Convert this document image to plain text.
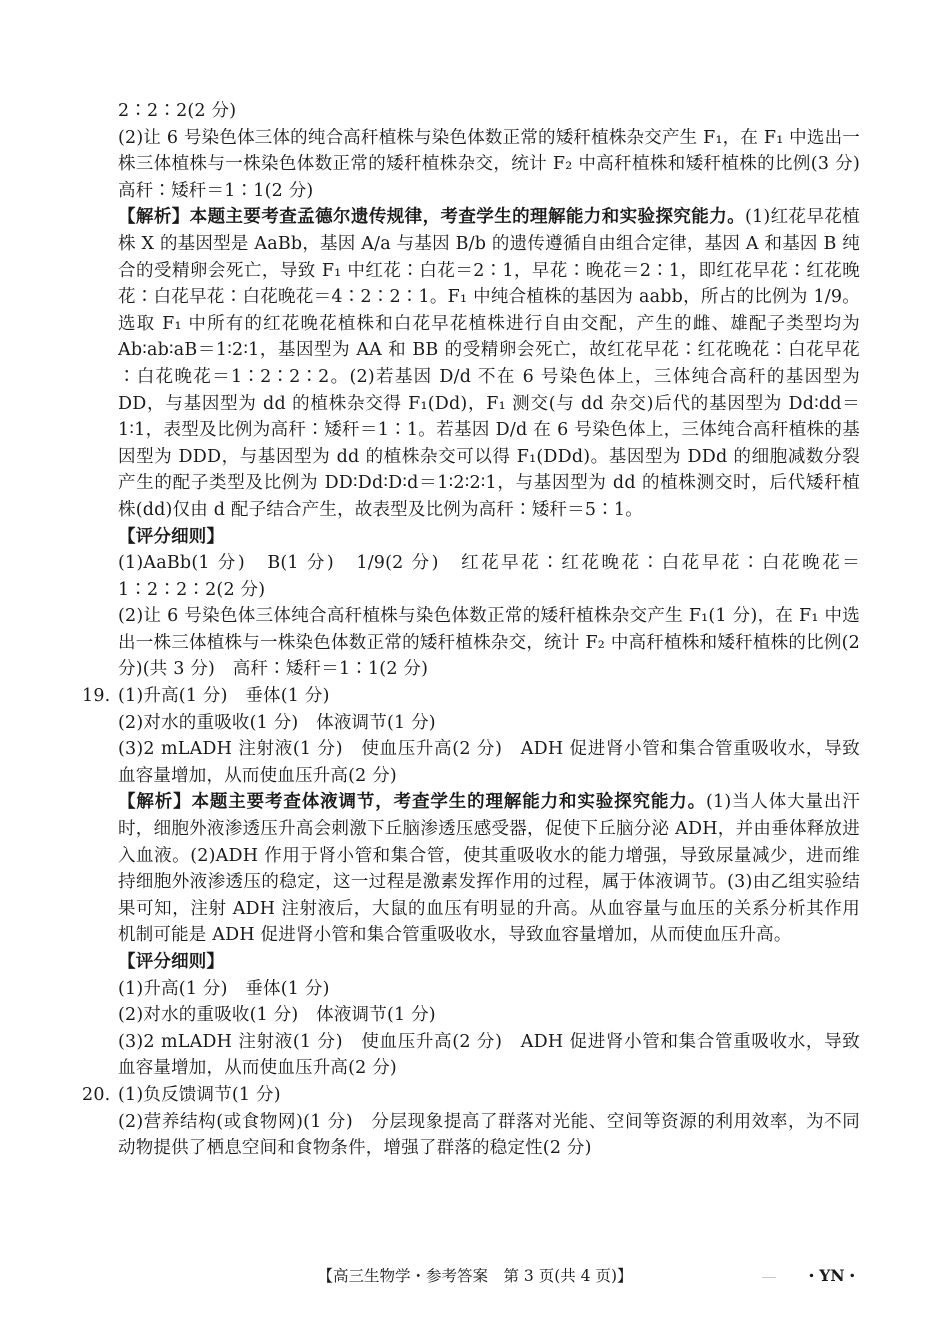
2∶2∶2(2 分)

(2)让 6 号染色体三体的纯合高秆植株与染色体数正常的矮秆植株杂交产生 F₁，在 F₁ 中选出一株三体植株与一株染色体数正常的矮秆植株杂交，统计 F₂ 中高秆植株和矮秆植株的比例(3 分)　高秆∶矮秆＝1∶1(2 分)

【解析】本题主要考查孟德尔遗传规律，考查学生的理解能力和实验探究能力。(1)红花早花植株 X 的基因型是 AaBb，基因 A/a 与基因 B/b 的遗传遵循自由组合定律，基因 A 和基因 B 纯合的受精卵会死亡，导致 F₁ 中红花∶白花＝2∶1，早花∶晚花＝2∶1，即红花早花∶红花晚花∶白花早花∶白花晚花＝4∶2∶2∶1。F₁ 中纯合植株的基因为 aabb，所占的比例为 1/9。选取 F₁ 中所有的红花晚花植株和白花早花植株进行自由交配，产生的雌、雄配子类型均为 Ab∶ab∶aB＝1∶2∶1，基因型为 AA 和 BB 的受精卵会死亡，故红花早花∶红花晚花∶白花早花∶白花晚花＝1∶2∶2∶2。(2)若基因 D/d 不在 6 号染色体上，三体纯合高秆的基因型为 DD，与基因型为 dd 的植株杂交得 F₁(Dd)，F₁ 测交(与 dd 杂交)后代的基因型为 Dd∶dd＝1∶1，表型及比例为高秆∶矮秆＝1∶1。若基因 D/d 在 6 号染色体上，三体纯合高秆植株的基因型为 DDD，与基因型为 dd 的植株杂交可以得 F₁(DDd)。基因型为 DDd 的细胞减数分裂产生的配子类型及比例为 DD∶Dd∶D∶d＝1∶2∶2∶1，与基因型为 dd 的植株测交时，后代矮秆植株(dd)仅由 d 配子结合产生，故表型及比例为高秆∶矮秆＝5∶1。

【评分细则】

(1)AaBb(1 分)　B(1 分)　1/9(2 分)　红花早花∶红花晚花∶白花早花∶白花晚花＝1∶2∶2∶2(2 分)

(2)让 6 号染色体三体纯合高秆植株与染色体数正常的矮秆植株杂交产生 F₁(1 分)，在 F₁ 中选出一株三体植株与一株染色体数正常的矮秆植株杂交，统计 F₂ 中高秆植株和矮秆植株的比例(2 分)(共 3 分)　高秆∶矮秆＝1∶1(2 分)

19. (1)升高(1 分)　垂体(1 分)

(2)对水的重吸收(1 分)　体液调节(1 分)

(3)2 mLADH 注射液(1 分)　使血压升高(2 分)　ADH 促进肾小管和集合管重吸收水，导致血容量增加，从而使血压升高(2 分)

【解析】本题主要考查体液调节，考查学生的理解能力和实验探究能力。(1)当人体大量出汗时，细胞外液渗透压升高会刺激下丘脑渗透压感受器，促使下丘脑分泌 ADH，并由垂体释放进入血液。(2)ADH 作用于肾小管和集合管，使其重吸收水的能力增强，导致尿量减少，进而维持细胞外液渗透压的稳定，这一过程是激素发挥作用的过程，属于体液调节。(3)由乙组实验结果可知，注射 ADH 注射液后，大鼠的血压有明显的升高。从血容量与血压的关系分析其作用机制可能是 ADH 促进肾小管和集合管重吸收水，导致血容量增加，从而使血压升高。

【评分细则】

(1)升高(1 分)　垂体(1 分)

(2)对水的重吸收(1 分)　体液调节(1 分)

(3)2 mLADH 注射液(1 分)　使血压升高(2 分)　ADH 促进肾小管和集合管重吸收水，导致血容量增加，从而使血压升高(2 分)

20. (1)负反馈调节(1 分)

(2)营养结构(或食物网)(1 分)　分层现象提高了群落对光能、空间等资源的利用效率，为不同动物提供了栖息空间和食物条件，增强了群落的稳定性(2 分)

【高三生物学・参考答案　第 3 页(共 4 页)】	・YN・
